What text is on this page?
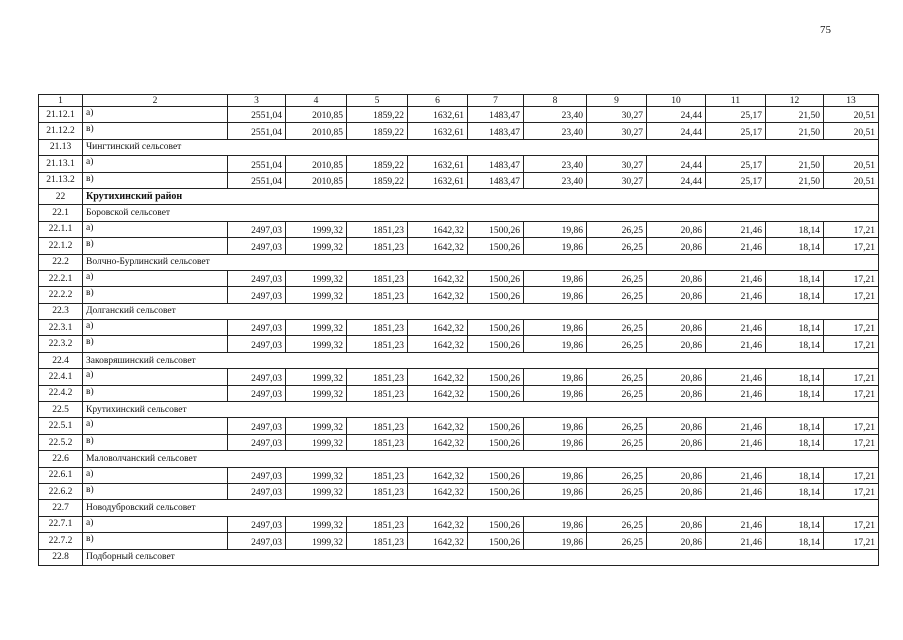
75
1	2	3	4	5	6	7	8	9	10	11	12	13
21.12.1	а)	2551,04	2010,85	1859,22	1632,61	1483,47	23,40	30,27	24,44	25,17	21,50	20,51
21.12.2	в)	2551,04	2010,85	1859,22	1632,61	1483,47	23,40	30,27	24,44	25,17	21,50	20,51
21.13	Чингтинский сельсовет											
21.13.1	а)	2551,04	2010,85	1859,22	1632,61	1483,47	23,40	30,27	24,44	25,17	21,50	20,51
21.13.2	в)	2551,04	2010,85	1859,22	1632,61	1483,47	23,40	30,27	24,44	25,17	21,50	20,51
22	Крутихинский район											
22.1	Боровской сельсовет											
22.1.1	а)	2497,03	1999,32	1851,23	1642,32	1500,26	19,86	26,25	20,86	21,46	18,14	17,21
22.1.2	в)	2497,03	1999,32	1851,23	1642,32	1500,26	19,86	26,25	20,86	21,46	18,14	17,21
22.2	Волчно-Бурлинский сельсовет											
22.2.1	а)	2497,03	1999,32	1851,23	1642,32	1500,26	19,86	26,25	20,86	21,46	18,14	17,21
22.2.2	в)	2497,03	1999,32	1851,23	1642,32	1500,26	19,86	26,25	20,86	21,46	18,14	17,21
22.3	Долганский сельсовет											
22.3.1	а)	2497,03	1999,32	1851,23	1642,32	1500,26	19,86	26,25	20,86	21,46	18,14	17,21
22.3.2	в)	2497,03	1999,32	1851,23	1642,32	1500,26	19,86	26,25	20,86	21,46	18,14	17,21
22.4	Заковряшинский сельсовет											
22.4.1	а)	2497,03	1999,32	1851,23	1642,32	1500,26	19,86	26,25	20,86	21,46	18,14	17,21
22.4.2	в)	2497,03	1999,32	1851,23	1642,32	1500,26	19,86	26,25	20,86	21,46	18,14	17,21
22.5	Крутихинский сельсовет											
22.5.1	а)	2497,03	1999,32	1851,23	1642,32	1500,26	19,86	26,25	20,86	21,46	18,14	17,21
22.5.2	в)	2497,03	1999,32	1851,23	1642,32	1500,26	19,86	26,25	20,86	21,46	18,14	17,21
22.6	Маловолчанский сельсовет											
22.6.1	а)	2497,03	1999,32	1851,23	1642,32	1500,26	19,86	26,25	20,86	21,46	18,14	17,21
22.6.2	в)	2497,03	1999,32	1851,23	1642,32	1500,26	19,86	26,25	20,86	21,46	18,14	17,21
22.7	Новодубровский сельсовет											
22.7.1	а)	2497,03	1999,32	1851,23	1642,32	1500,26	19,86	26,25	20,86	21,46	18,14	17,21
22.7.2	в)	2497,03	1999,32	1851,23	1642,32	1500,26	19,86	26,25	20,86	21,46	18,14	17,21
22.8	Подборный сельсовет											
